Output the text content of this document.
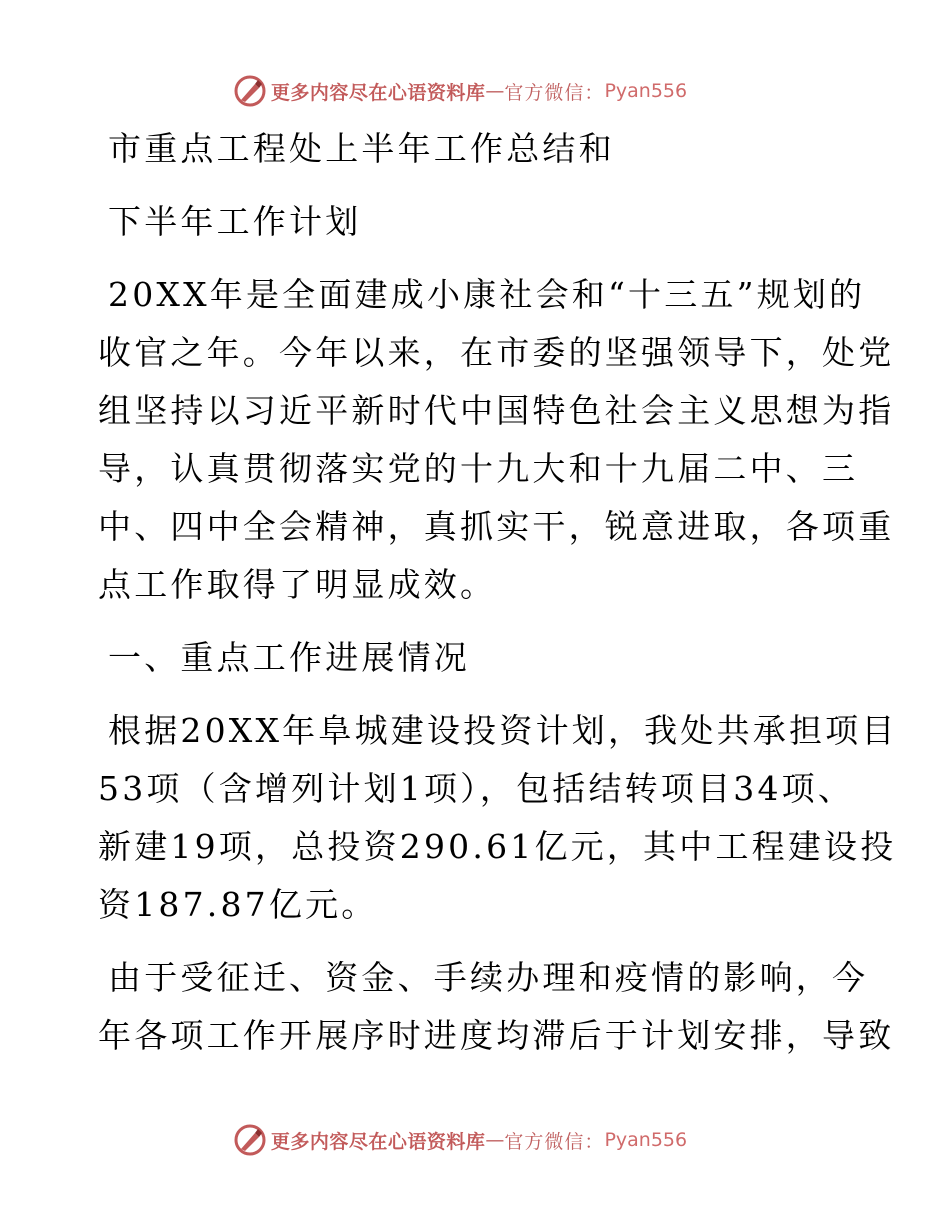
更多内容尽在心语资料库 — 官方微信： Pyan556
市重点工程处上半年工作总结和
下半年工作计划
20XX年是全面建成小康社会和“十三五”规划的
收官之年。今年以来，在市委的坚强领导下，处党
组坚持以习近平新时代中国特色社会主义思想为指
导，认真贯彻落实党的十九大和十九届二中、三
中、四中全会精神，真抓实干，锐意进取，各项重
点工作取得了明显成效。
一、重点工作进展情况
根据20XX年阜城建设投资计划，我处共承担项目
53项（含增列计划1项），包括结转项目34项、
新建19项，总投资290.61亿元，其中工程建设投
资187.87亿元。
由于受征迁、资金、手续办理和疫情的影响，今
年各项工作开展序时进度均滞后于计划安排，导致
更多内容尽在心语资料库 — 官方微信： Pyan556
